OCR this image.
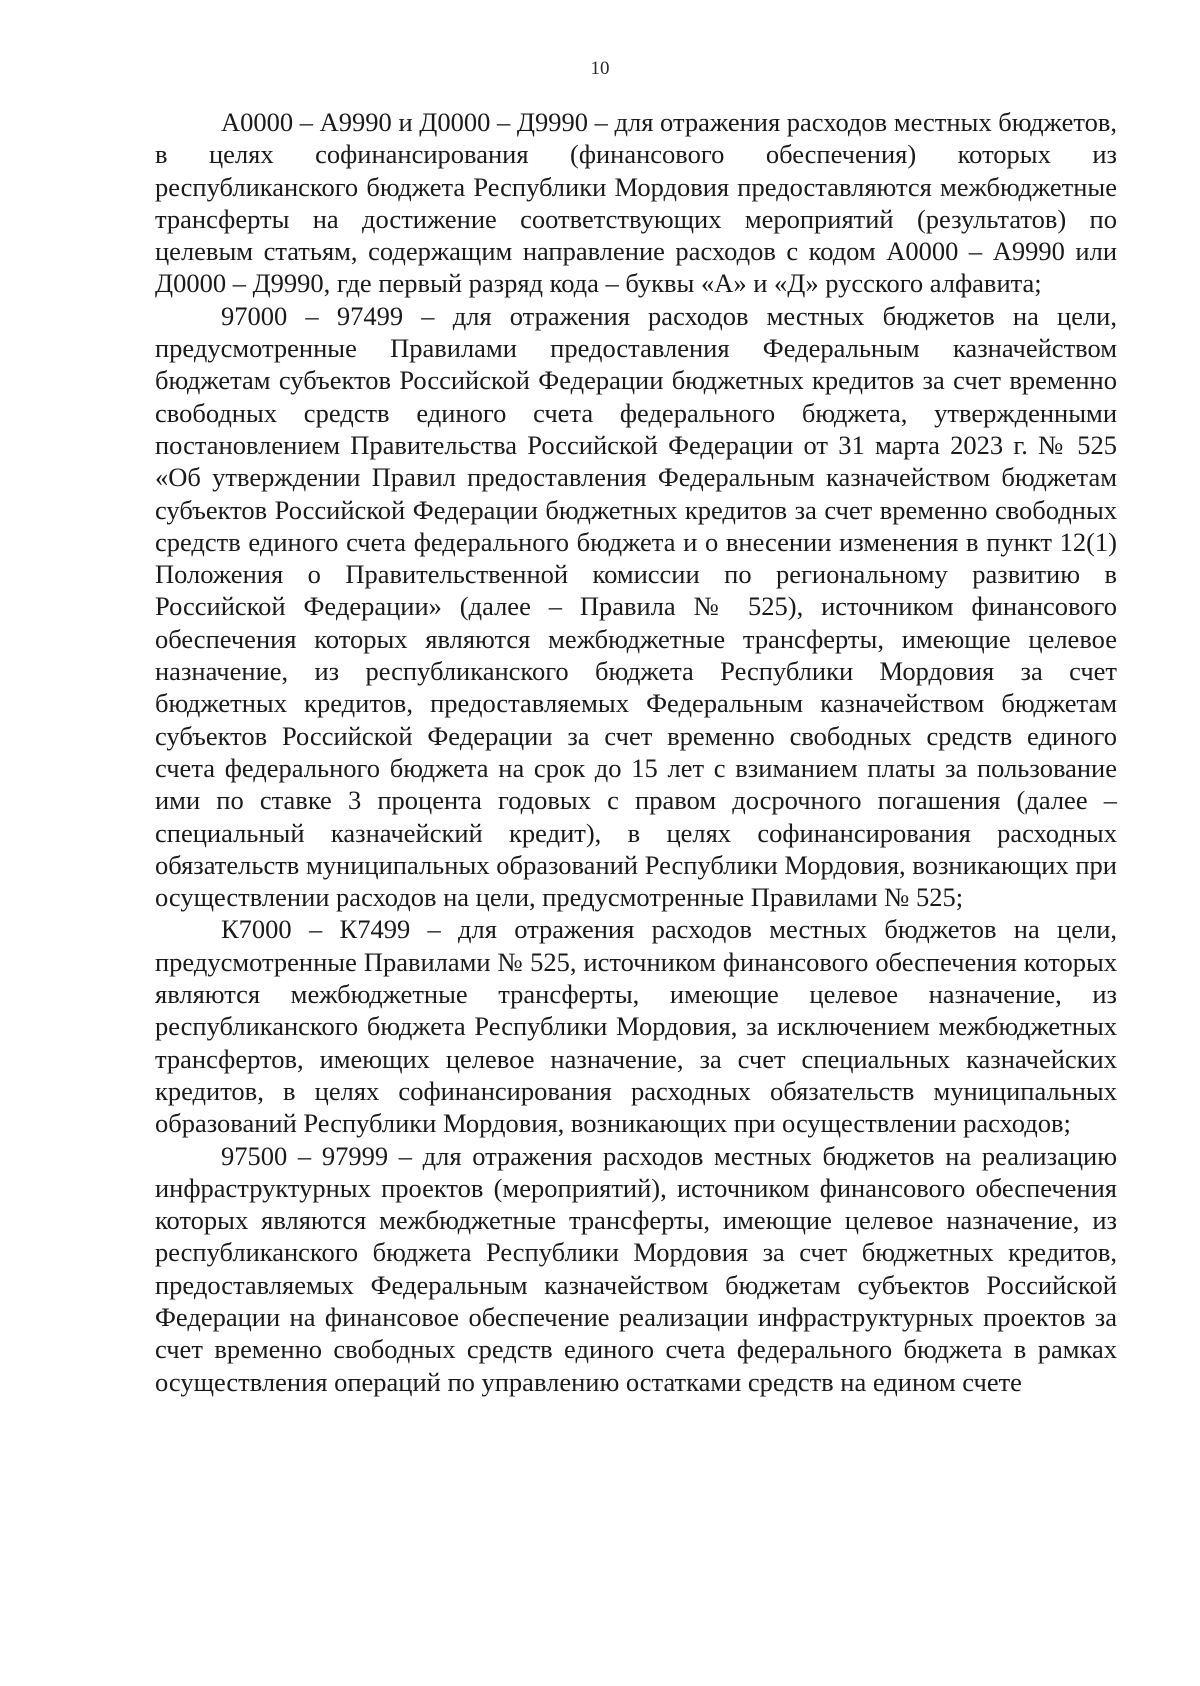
10

А0000 – А9990 и Д0000 – Д9990 – для отражения расходов местных бюджетов, в целях софинансирования (финансового обеспечения) которых из республиканского бюджета Республики Мордовия предоставляются межбюджетные трансферты на достижение соответствующих мероприятий (результатов) по целевым статьям, содержащим направление расходов с кодом А0000 – А9990 или Д0000 – Д9990, где первый разряд кода – буквы «А» и «Д» русского алфавита;

97000 – 97499 – для отражения расходов местных бюджетов на цели, предусмотренные Правилами предоставления Федеральным казначейством бюджетам субъектов Российской Федерации бюджетных кредитов за счет временно свободных средств единого счета федерального бюджета, утвержденными постановлением Правительства Российской Федерации от 31 марта 2023 г. № 525 «Об утверждении Правил предоставления Федеральным казначейством бюджетам субъектов Российской Федерации бюджетных кредитов за счет временно свободных средств единого счета федерального бюджета и о внесении изменения в пункт 12(1) Положения о Правительственной комиссии по региональному развитию в Российской Федерации» (далее – Правила № 525), источником финансового обеспечения которых являются межбюджетные трансферты, имеющие целевое назначение, из республиканского бюджета Республики Мордовия за счет бюджетных кредитов, предоставляемых Федеральным казначейством бюджетам субъектов Российской Федерации за счет временно свободных средств единого счета федерального бюджета на срок до 15 лет с взиманием платы за пользование ими по ставке 3 процента годовых с правом досрочного погашения (далее – специальный казначейский кредит), в целях софинансирования расходных обязательств муниципальных образований Республики Мордовия, возникающих при осуществлении расходов на цели, предусмотренные Правилами № 525;

К7000 – К7499 – для отражения расходов местных бюджетов на цели, предусмотренные Правилами № 525, источником финансового обеспечения которых являются межбюджетные трансферты, имеющие целевое назначение, из республиканского бюджета Республики Мордовия, за исключением межбюджетных трансфертов, имеющих целевое назначение, за счет специальных казначейских кредитов, в целях софинансирования расходных обязательств муниципальных образований Республики Мордовия, возникающих при осуществлении расходов;

97500 – 97999 – для отражения расходов местных бюджетов на реализацию инфраструктурных проектов (мероприятий), источником финансового обеспечения которых являются межбюджетные трансферты, имеющие целевое назначение, из республиканского бюджета Республики Мордовия за счет бюджетных кредитов, предоставляемых Федеральным казначейством бюджетам субъектов Российской Федерации на финансовое обеспечение реализации инфраструктурных проектов за счет временно свободных средств единого счета федерального бюджета в рамках осуществления операций по управлению остатками средств на едином счете
